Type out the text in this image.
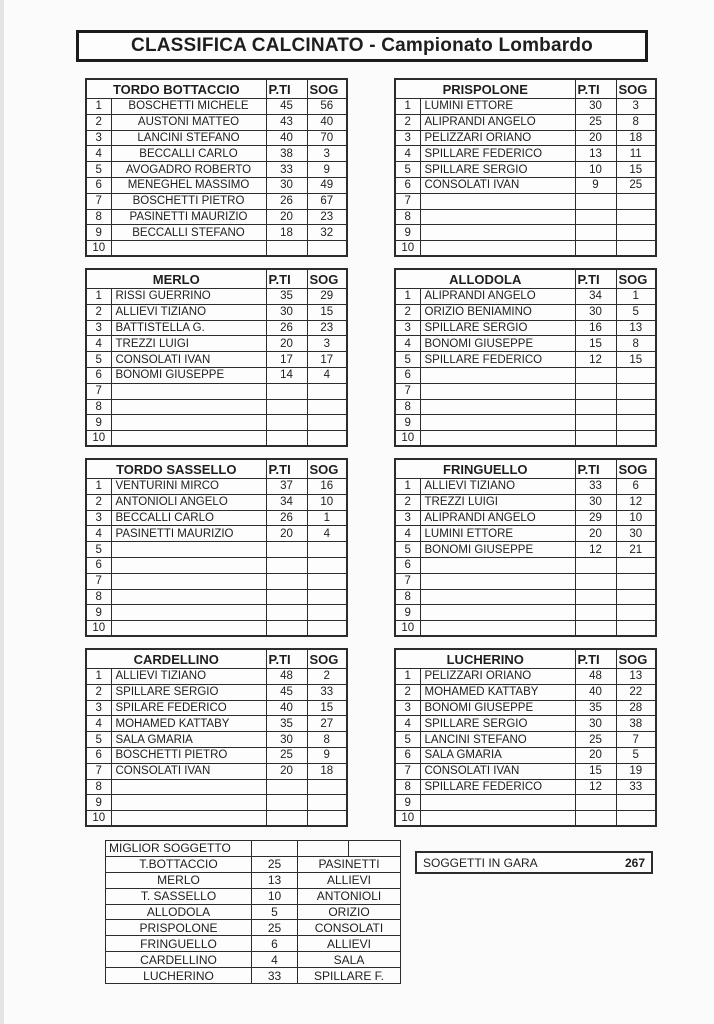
CLASSIFICA CALCINATO - Campionato Lombardo
TORDO BOTTACCIO		P.TI	SOG
1	BOSCHETTI MICHELE	45	56
2	AUSTONI MATTEO	43	40
3	LANCINI STEFANO	40	70
4	BECCALLI CARLO	38	3
5	AVOGADRO ROBERTO	33	9
6	MENEGHEL MASSIMO	30	49
7	BOSCHETTI PIETRO	26	67
8	PASINETTI MAURIZIO	20	23
9	BECCALLI STEFANO	18	32
10			
PRISPOLONE		P.TI	SOG
1	LUMINI ETTORE	30	3
2	ALIPRANDI ANGELO	25	8
3	PELIZZARI ORIANO	20	18
4	SPILLARE FEDERICO	13	11
5	SPILLARE SERGIO	10	15
6	CONSOLATI IVAN	9	25
7			
8			
9			
10			
MERLO		P.TI	SOG
1	RISSI GUERRINO	35	29
2	ALLIEVI TIZIANO	30	15
3	BATTISTELLA G.	26	23
4	TREZZI LUIGI	20	3
5	CONSOLATI IVAN	17	17
6	BONOMI GIUSEPPE	14	4
7			
8			
9			
10			
ALLODOLA		P.TI	SOG
1	ALIPRANDI ANGELO	34	1
2	ORIZIO BENIAMINO	30	5
3	SPILLARE SERGIO	16	13
4	BONOMI GIUSEPPE	15	8
5	SPILLARE FEDERICO	12	15
6			
7			
8			
9			
10			
TORDO SASSELLO		P.TI	SOG
1	VENTURINI MIRCO	37	16
2	ANTONIOLI ANGELO	34	10
3	BECCALLI CARLO	26	1
4	PASINETTI MAURIZIO	20	4
5			
6			
7			
8			
9			
10			
FRINGUELLO		P.TI	SOG
1	ALLIEVI TIZIANO	33	6
2	TREZZI LUIGI	30	12
3	ALIPRANDI ANGELO	29	10
4	LUMINI ETTORE	20	30
5	BONOMI GIUSEPPE	12	21
6			
7			
8			
9			
10			
CARDELLINO		P.TI	SOG
1	ALLIEVI TIZIANO	48	2
2	SPILLARE SERGIO	45	33
3	SPILARE FEDERICO	40	15
4	MOHAMED KATTABY	35	27
5	SALA GMARIA	30	8
6	BOSCHETTI PIETRO	25	9
7	CONSOLATI IVAN	20	18
8			
9			
10			
LUCHERINO		P.TI	SOG
1	PELIZZARI ORIANO	48	13
2	MOHAMED KATTABY	40	22
3	BONOMI GIUSEPPE	35	28
4	SPILLARE SERGIO	30	38
5	LANCINI STEFANO	25	7
6	SALA GMARIA	20	5
7	CONSOLATI IVAN	15	19
8	SPILLARE FEDERICO	12	33
9			
10			
MIGLIOR SOGGETTO			
T.BOTTACCIO	25	PASINETTI	
MERLO	13	ALLIEVI	
T. SASSELLO	10	ANTONIOLI	
ALLODOLA	5	ORIZIO	
PRISPOLONE	25	CONSOLATI	
FRINGUELLO	6	ALLIEVI	
CARDELLINO	4	SALA	
LUCHERINO	33	SPILLARE F.	
SOGGETTI IN GARA	267
